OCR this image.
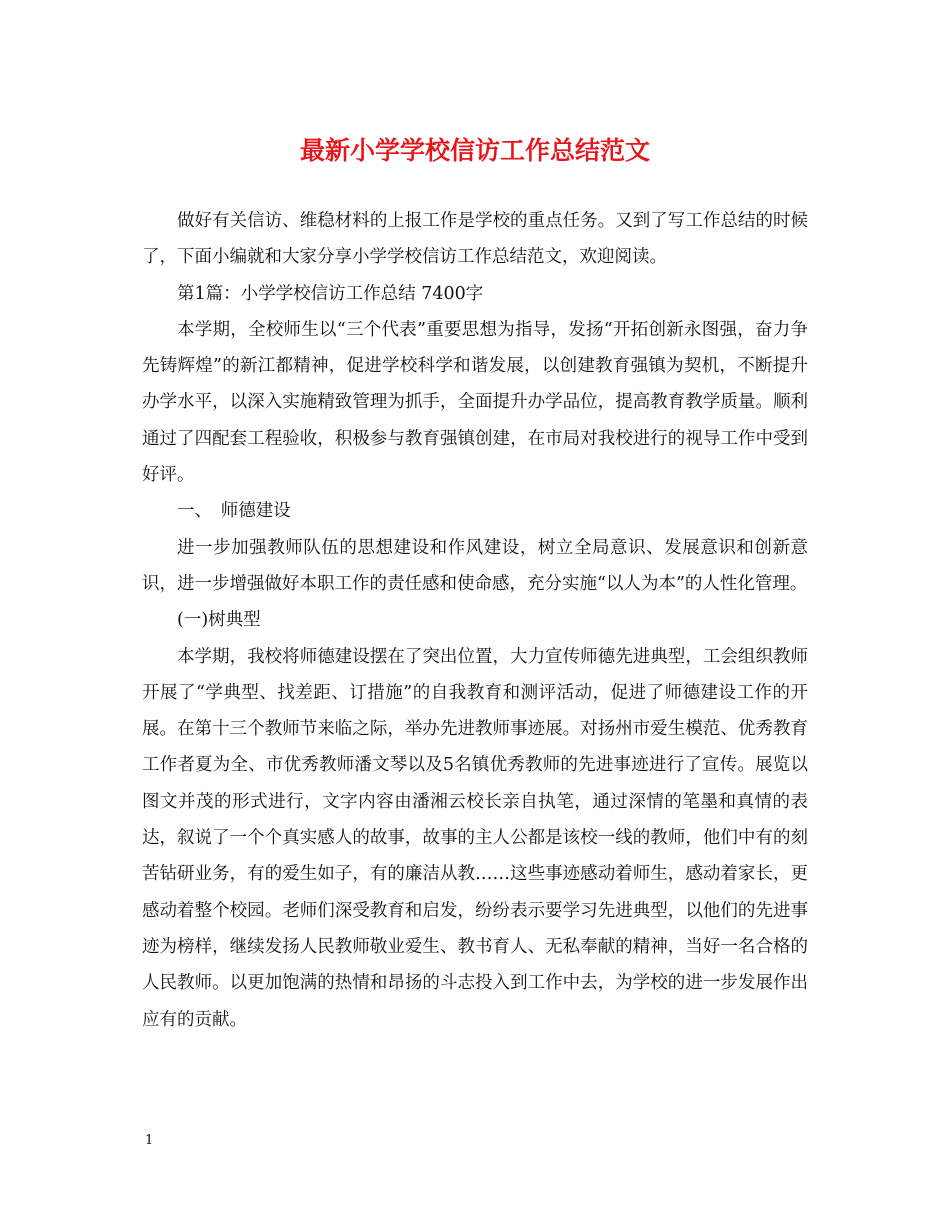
最新小学学校信访工作总结范文

做好有关信访、维稳材料的上报工作是学校的重点任务。又到了写工作总结的时候了，下面小编就和大家分享小学学校信访工作总结范文，欢迎阅读。

第1篇：小学学校信访工作总结 7400字

本学期，全校师生以“三个代表”重要思想为指导，发扬“开拓创新永图强，奋力争先铸辉煌”的新江都精神，促进学校科学和谐发展，以创建教育强镇为契机，不断提升办学水平，以深入实施精致管理为抓手，全面提升办学品位，提高教育教学质量。顺利通过了四配套工程验收，积极参与教育强镇创建，在市局对我校进行的视导工作中受到好评。

一、　师德建设

进一步加强教师队伍的思想建设和作风建设，树立全局意识、发展意识和创新意识，进一步增强做好本职工作的责任感和使命感，充分实施“以人为本”的人性化管理。

(一)树典型

本学期，我校将师德建设摆在了突出位置，大力宣传师德先进典型，工会组织教师开展了“学典型、找差距、订措施”的自我教育和测评活动，促进了师德建设工作的开展。在第十三个教师节来临之际，举办先进教师事迹展。对扬州市爱生模范、优秀教育工作者夏为全、市优秀教师潘文琴以及5名镇优秀教师的先进事迹进行了宣传。展览以图文并茂的形式进行，文字内容由潘湘云校长亲自执笔，通过深情的笔墨和真情的表达，叙说了一个个真实感人的故事，故事的主人公都是该校一线的教师，他们中有的刻苦钻研业务，有的爱生如子，有的廉洁从教……这些事迹感动着师生，感动着家长，更感动着整个校园。老师们深受教育和启发，纷纷表示要学习先进典型，以他们的先进事迹为榜样，继续发扬人民教师敬业爱生、教书育人、无私奉献的精神，当好一名合格的人民教师。以更加饱满的热情和昂扬的斗志投入到工作中去，为学校的进一步发展作出应有的贡献。

1
